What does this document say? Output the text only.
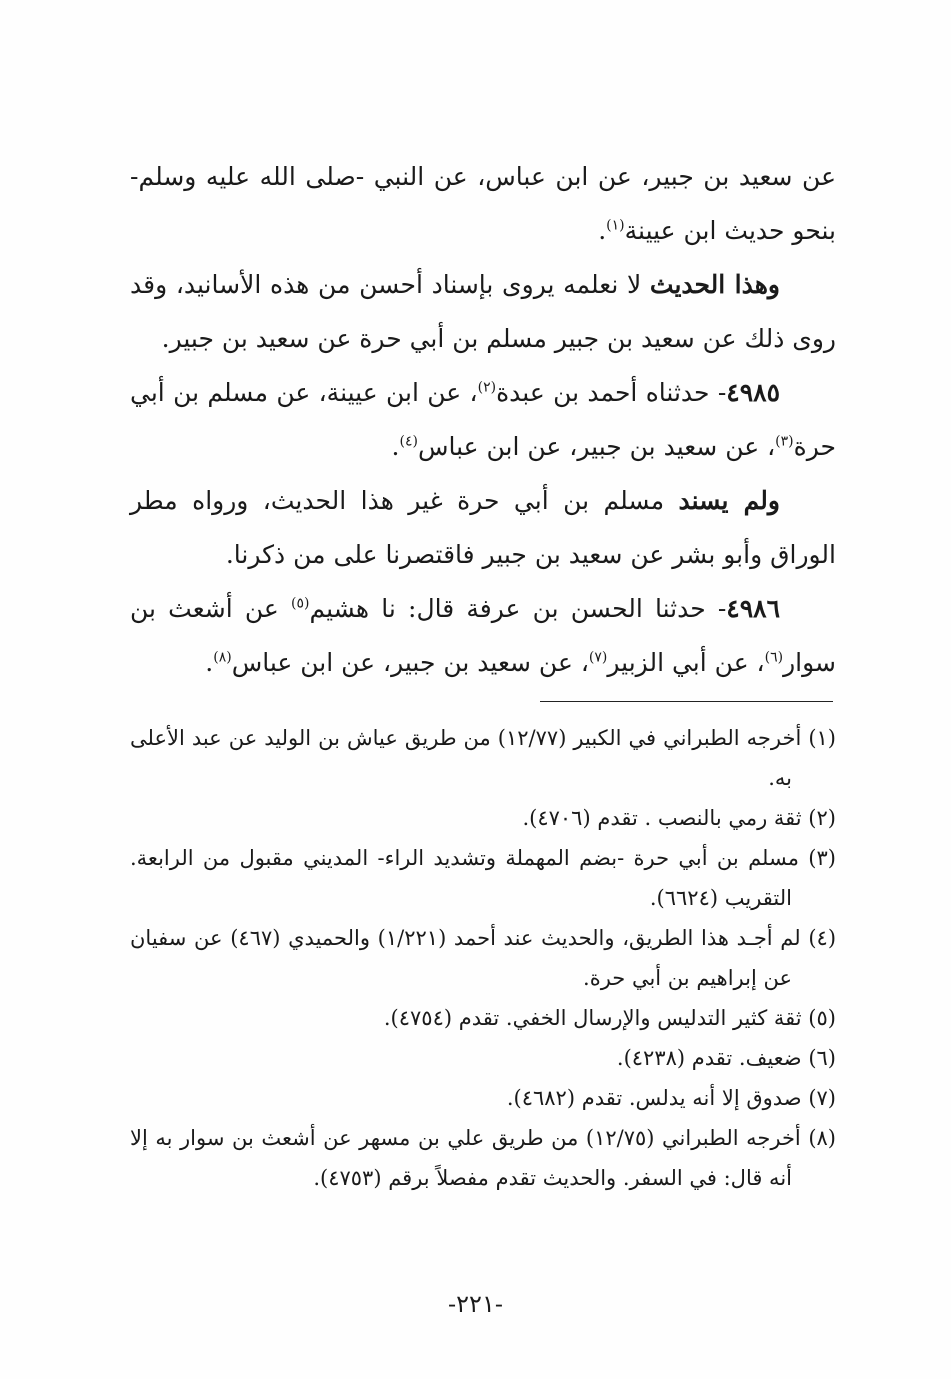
عن سعيد بن جبير، عن ابن عباس، عن النبي -صلى الله عليه وسلم- بنحو حديث ابن عيينة$^{(١)}$.

وهذا الحديث لا نعلمه يروى بإسناد أحسن من هذه الأسانيد، وقد روى ذلك عن سعيد بن جبير مسلم بن أبي حرة عن سعيد بن جبير.

٤٩٨٥- حدثناه أحمد بن عبدة$^{(٢)}$، عن ابن عيينة، عن مسلم بن أبي حرة$^{(٣)}$، عن سعيد بن جبير، عن ابن عباس$^{(٤)}$.

ولم يسند مسلم بن أبي حرة غير هذا الحديث، ورواه مطر الوراق وأبو بشر عن سعيد بن جبير فاقتصرنا على من ذكرنا.

٤٩٨٦- حدثنا الحسن بن عرفة قال: نا هشيم$^{(٥)}$ عن أشعث بن سوار$^{(٦)}$، عن أبي الزبير$^{(٧)}$، عن سعيد بن جبير، عن ابن عباس$^{(٨)}$.

(١) أخرجه الطبراني في الكبير (١٢/٧٧) من طريق عياش بن الوليد عن عبد الأعلى به.

(٢) ثقة رمي بالنصب . تقدم (٤٧٠٦).

(٣) مسلم بن أبي حرة -بضم المهملة وتشديد الراء- المديني مقبول من الرابعة. التقريب (٦٦٢٤).

(٤) لم أجـد هذا الطريق، والحديث عند أحمد (١/٢٢١) والحميدي (٤٦٧) عن سفيان عن إبراهيم بن أبي حرة.

(٥) ثقة كثير التدليس والإرسال الخفي. تقدم (٤٧٥٤).

(٦) ضعيف. تقدم (٤٢٣٨).

(٧) صدوق إلا أنه يدلس. تقدم (٤٦٨٢).

(٨) أخرجه الطبراني (١٢/٧٥) من طريق علي بن مسهر عن أشعث بن سوار به إلا أنه قال: في السفر. والحديث تقدم مفصلاً برقم (٤٧٥٣).

-٢٢١-
